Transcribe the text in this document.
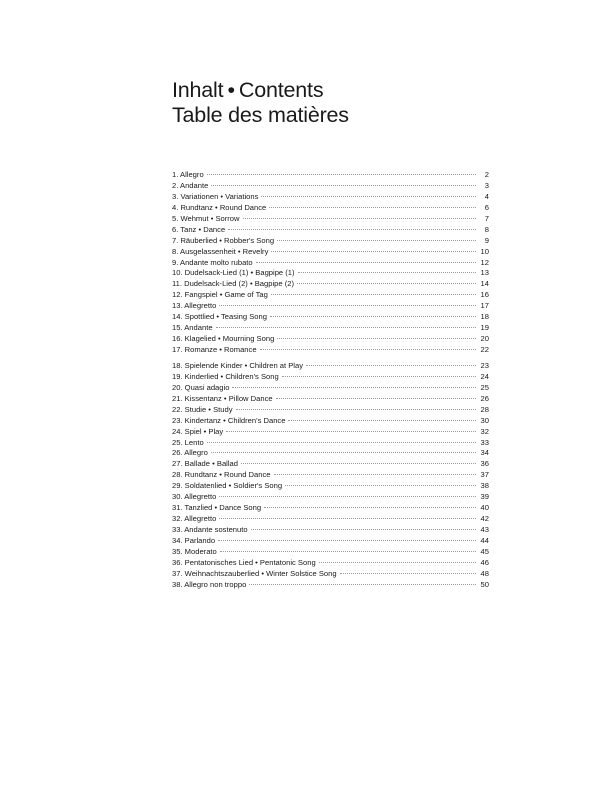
Inhalt • Contents
Table des matières
1. Allegro	2
2. Andante	3
3. Variationen • Variations	4
4. Rundtanz • Round Dance	6
5. Wehmut • Sorrow	7
6. Tanz • Dance	8
7. Räuberlied • Robber's Song	9
8. Ausgelassenheit • Revelry	10
9. Andante molto rubato	12
10. Dudelsack-Lied (1) • Bagpipe (1)	13
11. Dudelsack-Lied (2) • Bagpipe (2)	14
12. Fangspiel • Game of Tag	16
13. Allegretto	17
14. Spottlied • Teasing Song	18
15. Andante	19
16. Klagelied • Mourning Song	20
17. Romanze • Romance	22
18. Spielende Kinder • Children at Play	23
19. Kinderlied • Children's Song	24
20. Quasi adagio	25
21. Kissentanz • Pillow Dance	26
22. Studie • Study	28
23. Kindertanz • Children's Dance	30
24. Spiel • Play	32
25. Lento	33
26. Allegro	34
27. Ballade • Ballad	36
28. Rundtanz • Round Dance	37
29. Soldatenlied • Soldier's Song	38
30. Allegretto	39
31. Tanzlied • Dance Song	40
32. Allegretto	42
33. Andante sostenuto	43
34. Parlando	44
35. Moderato	45
36. Pentatonisches Lied • Pentatonic Song	46
37. Weihnachtszauberlied • Winter Solstice Song	48
38. Allegro non troppo	50
